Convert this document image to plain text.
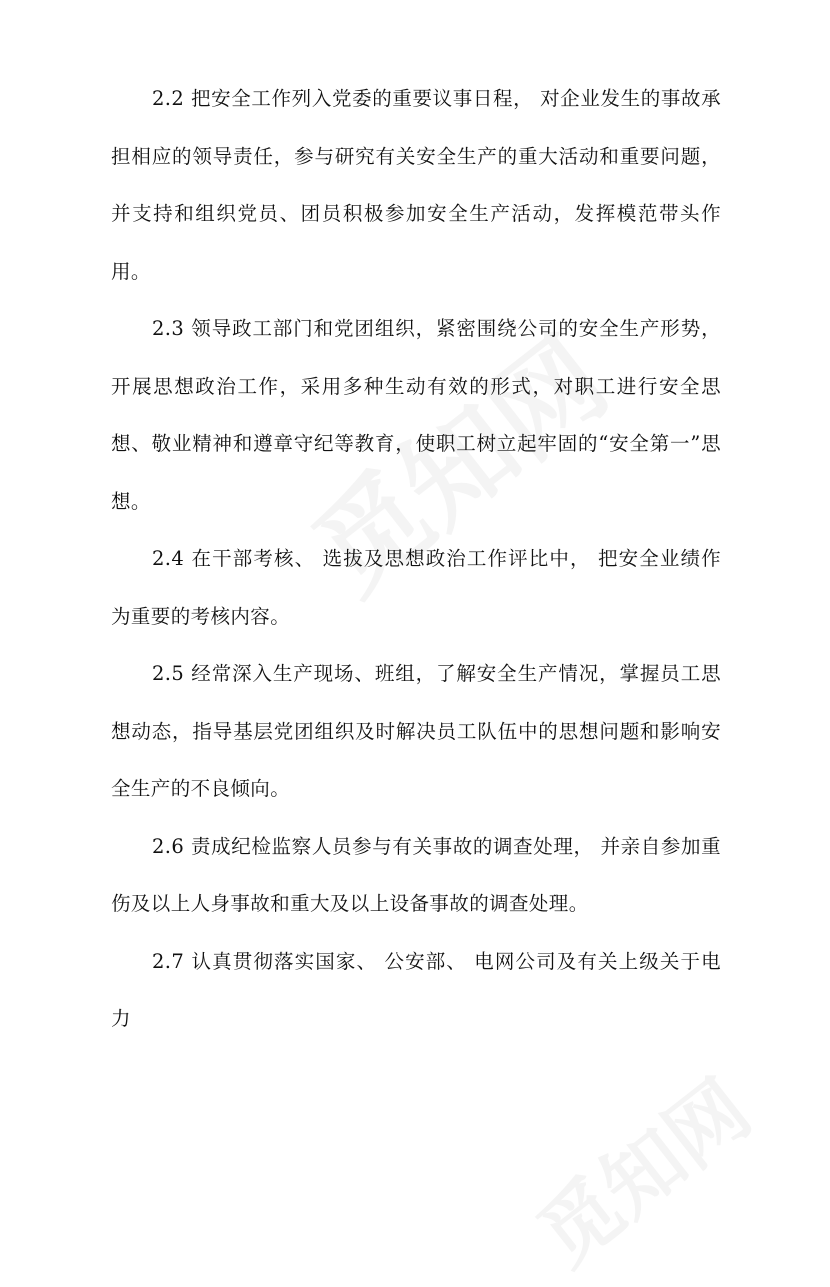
2.2 把安全工作列入党委的重要议事日程， 对企业发生的事故承担相应的领导责任，参与研究有关安全生产的重大活动和重要问题，并支持和组织党员、团员积极参加安全生产活动，发挥模范带头作用。

2.3 领导政工部门和党团组织，紧密围绕公司的安全生产形势，开展思想政治工作，采用多种生动有效的形式，对职工进行安全思想、敬业精神和遵章守纪等教育，使职工树立起牢固的“安全第一”思想。

2.4 在干部考核、 选拔及思想政治工作评比中， 把安全业绩作为重要的考核内容。

2.5 经常深入生产现场、班组，了解安全生产情况，掌握员工思想动态，指导基层党团组织及时解决员工队伍中的思想问题和影响安全生产的不良倾向。

2.6 责成纪检监察人员参与有关事故的调查处理， 并亲自参加重伤及以上人身事故和重大及以上设备事故的调查处理。

2.7 认真贯彻落实国家、 公安部、 电网公司及有关上级关于电力
